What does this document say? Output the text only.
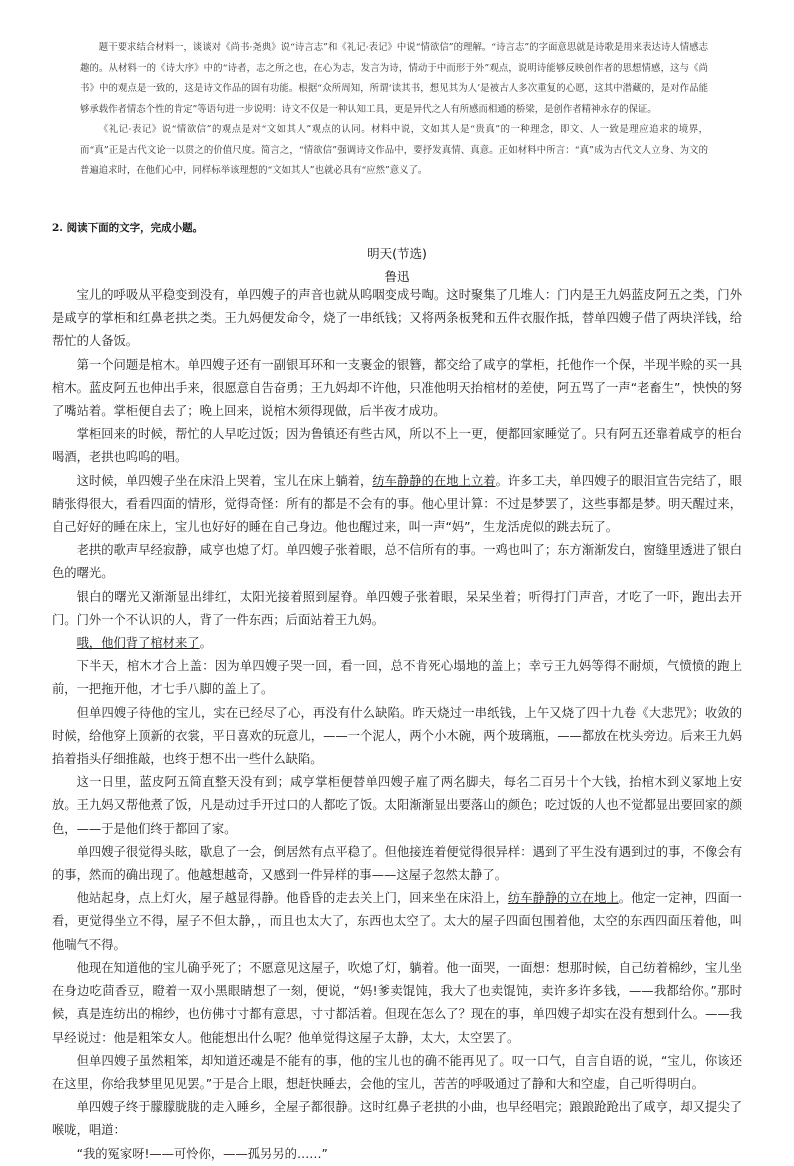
题干要求结合材料一，谈谈对《尚书·尧典》说“诗言志”和《礼记·表记》中说“情欲信”的理解。“诗言志”的字面意思就是诗歌是用来表达诗人情感志趣的。从材料一的《诗大序》中的“诗者，志之所之也，在心为志，发言为诗，情动于中而形于外”观点，说明诗能够反映创作者的思想情感，这与《尚书》中的观点是一致的，这是诗文作品的固有功能。根据“众所周知，所谓‘读其书，想见其为人’是被古人多次重复的心愿，这其中潜藏的，是对作品能够承载作者情态个性的肯定”等语句进一步说明：诗文不仅是一种认知工具，更是异代之人有所感而相通的桥梁，是创作者精神永存的保证。

《礼记·表记》说“情欲信”的观点是对“文如其人”观点的认同。材料中说，文如其人是“贵真”的一种理念，即文、人一致是理应追求的境界，而“真”正是古代文论一以贯之的价值尺度。简言之，“情欲信”强调诗文作品中，要抒发真情、真意。正如材料中所言：“真”成为古代文人立身、为文的普遍追求时，在他们心中，同样标举该理想的“文如其人”也就必具有“应然”意义了。

2. 阅读下面的文字，完成小题。
明天(节选)
鲁迅

宝儿的呼吸从平稳变到没有，单四嫂子的声音也就从呜咽变成号啕。这时聚集了几堆人：门内是王九妈蓝皮阿五之类，门外是咸亨的掌柜和红鼻老拱之类。王九妈便发命令，烧了一串纸钱；又将两条板凳和五件衣服作抵，替单四嫂子借了两块洋钱，给帮忙的人备饭。

第一个问题是棺木。单四嫂子还有一副银耳环和一支裹金的银簪，都交给了咸亨的掌柜，托他作一个保，半现半赊的买一具棺木。蓝皮阿五也伸出手来，很愿意自告奋勇；王九妈却不许他，只准他明天抬棺材的差使，阿五骂了一声“老畜生”，怏怏的努了嘴站着。掌柜便自去了；晚上回来，说棺木须得现做，后半夜才成功。

掌柜回来的时候，帮忙的人早吃过饭；因为鲁镇还有些古风，所以不上一更，便都回家睡觉了。只有阿五还靠着咸亨的柜台喝酒，老拱也呜呜的唱。

这时候，单四嫂子坐在床沿上哭着，宝儿在床上躺着，纺车静静的在地上立着。许多工夫，单四嫂子的眼泪宣告完结了，眼睛张得很大，看看四面的情形，觉得奇怪：所有的都是不会有的事。他心里计算：不过是梦罢了，这些事都是梦。明天醒过来，自己好好的睡在床上，宝儿也好好的睡在自己身边。他也醒过来，叫一声“妈”，生龙活虎似的跳去玩了。

老拱的歌声早经寂静，咸亨也熄了灯。单四嫂子张着眼，总不信所有的事。一鸡也叫了；东方渐渐发白，窗缝里透进了银白色的曙光。

银白的曙光又渐渐显出绯红，太阳光接着照到屋脊。单四嫂子张着眼，呆呆坐着；听得打门声音，才吃了一吓，跑出去开门。门外一个不认识的人，背了一件东西；后面站着王九妈。

哦，他们背了棺材来了。

下半天，棺木才合上盖：因为单四嫂子哭一回，看一回，总不肯死心塌地的盖上；幸亏王九妈等得不耐烦，气愤愤的跑上前，一把拖开他，才七手八脚的盖上了。

但单四嫂子待他的宝儿，实在已经尽了心，再没有什么缺陷。昨天烧过一串纸钱，上午又烧了四十九卷《大悲咒》；收敛的时候，给他穿上顶新的衣裳，平日喜欢的玩意儿，——一个泥人，两个小木碗，两个玻璃瓶，——都放在枕头旁边。后来王九妈掐着指头仔细推敲，也终于想不出一些什么缺陷。

这一日里，蓝皮阿五简直整天没有到；咸亨掌柜便替单四嫂子雇了两名脚夫，每名二百另十个大钱，抬棺木到义冢地上安放。王九妈又帮他煮了饭，凡是动过手开过口的人都吃了饭。太阳渐渐显出要落山的颜色；吃过饭的人也不觉都显出要回家的颜色，——于是他们终于都回了家。

单四嫂子很觉得头眩，歇息了一会，倒居然有点平稳了。但他接连着便觉得很异样：遇到了平生没有遇到过的事，不像会有的事，然而的确出现了。他越想越奇，又感到一件异样的事——这屋子忽然太静了。

他站起身，点上灯火，屋子越显得静。他昏昏的走去关上门，回来坐在床沿上，纺车静静的立在地上。他定一定神，四面一看，更觉得坐立不得，屋子不但太静，，而且也太大了，东西也太空了。太大的屋子四面包围着他，太空的东西四面压着他，叫他喘气不得。

他现在知道他的宝儿确乎死了；不愿意见这屋子，吹熄了灯，躺着。他一面哭，一面想：想那时候，自己纺着棉纱，宝儿坐在身边吃茴香豆，瞪着一双小黑眼睛想了一刻，便说，“妈!爹卖馄饨，我大了也卖馄饨，卖许多许多钱，——我都给你。”那时候，真是连纺出的棉纱，也仿佛寸寸都有意思，寸寸都活着。但现在怎么了？现在的事，单四嫂子却实在没有想到什么。——我早经说过：他是粗笨女人。他能想出什么呢？他单觉得这屋子太静，太大，太空罢了。

但单四嫂子虽然粗笨，却知道还魂是不能有的事，他的宝儿也的确不能再见了。叹一口气，自言自语的说，“宝儿，你该还在这里，你给我梦里见见罢。”于是合上眼，想赶快睡去，会他的宝儿，苦苦的呼吸通过了静和大和空虚，自己听得明白。

单四嫂子终于朦朦胧胧的走入睡乡，全屋子都很静。这时红鼻子老拱的小曲，也早经唱完；踉踉跄跄出了咸亨，却又提尖了喉咙，唱道：

“我的冤家呀!——可怜你，——孤另另的……”
